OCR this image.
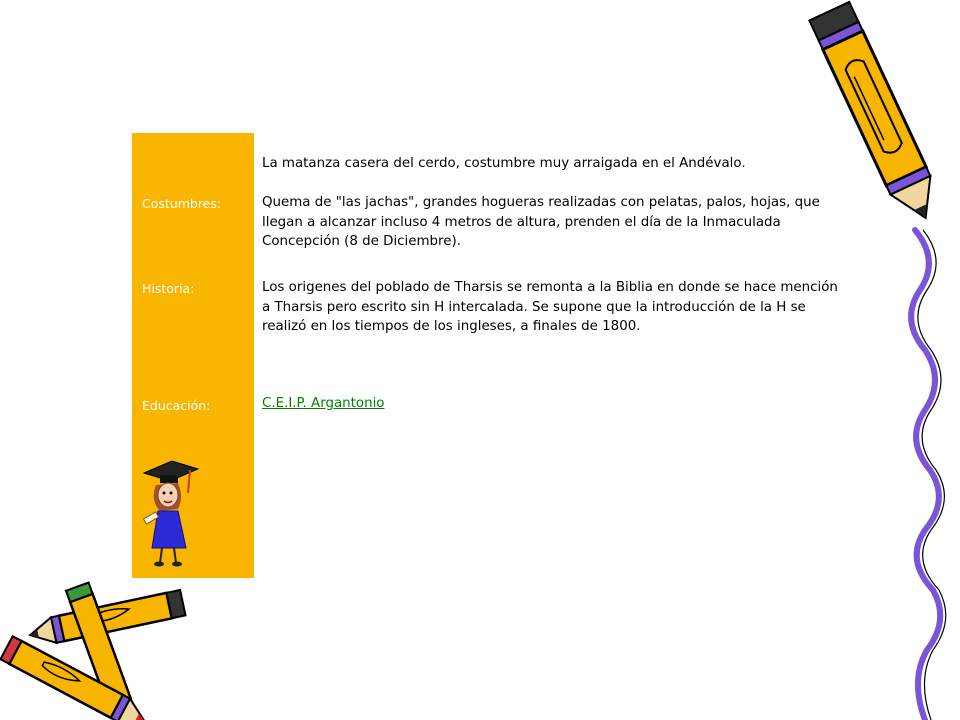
Costumbres:
Historia:
Educación:
La matanza casera del cerdo, costumbre muy arraigada en el Andévalo.
Quema de "las jachas", grandes hogueras realizadas con pelatas, palos, hojas, que llegan a alcanzar incluso 4 metros de altura, prenden el día de la Inmaculada Concepción (8 de Diciembre).
Los origenes del poblado de Tharsis se remonta a la Biblia en donde se hace mención a Tharsis pero escrito sin H intercalada. Se supone que la introducción de la H se realizó en los tiempos de los ingleses, a finales de 1800.
C.E.I.P. Argantonio
